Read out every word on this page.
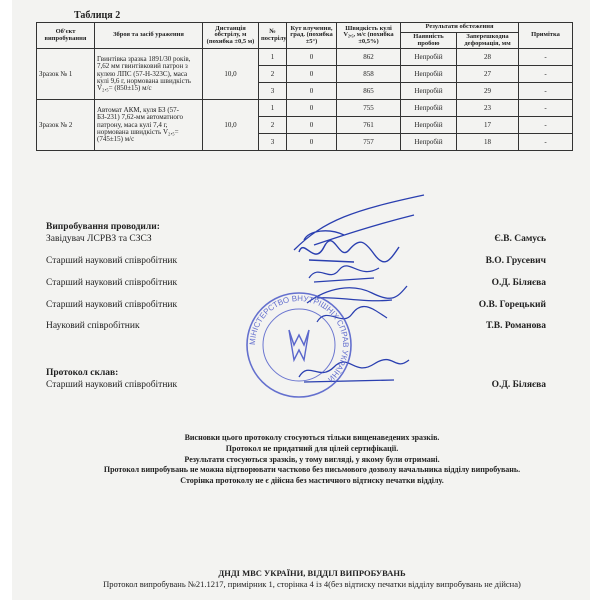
Таблиця 2
Об'єкт випробування	Зброя та засіб ураження	Дистанція обстрілу, м (похибка ±0,5 м)	№ пострілу	Кут влучення, град. (похибка ±5°)	Швидкість кулі V₂,₅, м/с (похибка ±0,5%)	Результати обстеження		Примітка
						Наявність пробою	Заперешкодна деформація, мм	
Зразок № 1	Гвинтівка зразка 1891/30 років, 7,62 мм гвинтівковий патрон з кулею ЛПС (57-Н-323С), маса кулі 9,6 г, нормована швидкість V₂,₅= (850±15) м/с	10,0	1	0	862	Непробій	28	-
			2	0	858	Непробій	27	-
			3	0	865	Непробій	29	-
Зразок № 2	Автомат АКМ, куля БЗ (57-БЗ-231) 7,62-мм автоматного патрону, маса кулі 7,4 г, нормована швидкість V₂,₅= (745±15) м/с	10,0	1	0	755	Непробій	23	-
			2	0	761	Непробій	17	-
			3	0	757	Непробій	18	-
Випробування проводили:
Завідувач ЛСРВЗ та СЗСЗ	Є.В. Самусь
Старший науковий співробітник	В.О. Грусевич
Старший науковий співробітник	О.Д. Біляєва
Старший науковий співробітник	О.В. Горецький
Науковий співробітник	Т.В. Романова
Протокол склав:
Старший науковий співробітник	О.Д. Біляєва
МІНІСТЕРСТВО ВНУТРІШНІХ СПРАВ УКРАЇНИ
Висновки цього протоколу стосуються тільки вищенаведених зразків.
Протокол не придатний для цілей сертифікації.
Результати стосуються зразків, у тому вигляді, у якому були отримані.
Протокол випробувань не можна відтворювати частково без письмового дозволу начальника відділу випробувань.
Сторінка протоколу не є дійсна без мастичного відтиску печатки відділу.
ДНДІ МВС УКРАЇНИ, ВІДДІЛ ВИПРОБУВАНЬ
Протокол випробувань №21.1217, примірник 1, сторінка 4 із 4(без відтиску печатки відділу випробувань не дійсна)
